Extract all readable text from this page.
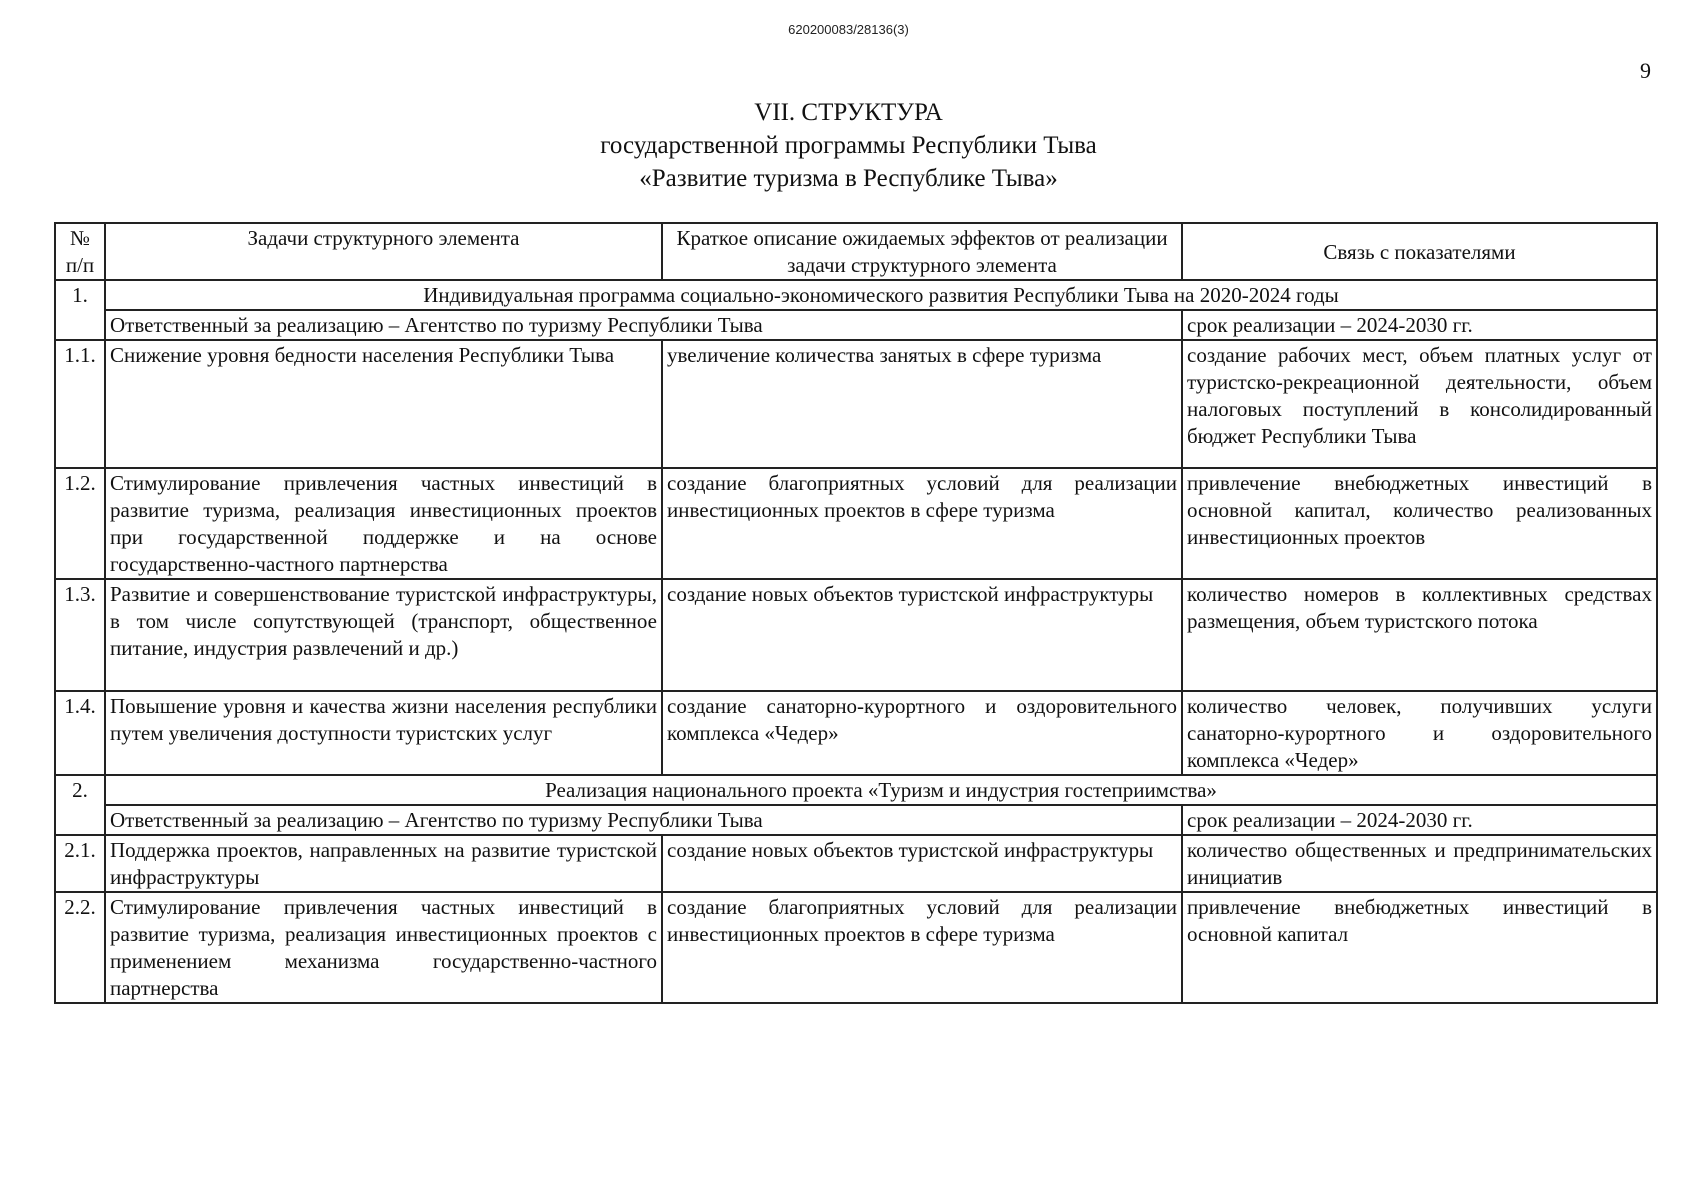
620200083/28136(3)
9
VII. СТРУКТУРА
государственной программы Республики Тыва
«Развитие туризма в Республике Тыва»
№ п/п	Задачи структурного элемента	Краткое описание ожидаемых эффектов от реализации задачи структурного элемента	Связь с показателями
1.	Индивидуальная программа социально-экономического развития Республики Тыва на 2020-2024 годы		
	Ответственный за реализацию – Агентство по туризму Республики Тыва		срок реализации – 2024-2030 гг.
1.1.	Снижение уровня бедности населения Республики Тыва	увеличение количества занятых в сфере туризма	создание рабочих мест, объем платных услуг от туристско-рекреационной деятельности, объем налоговых поступлений в консолидированный бюджет Республики Тыва
1.2.	Стимулирование привлечения частных инвестиций в развитие туризма, реализация инвестиционных проектов при государственной поддержке и на основе государственно-частного партнерства	создание благоприятных условий для реализации инвестиционных проектов в сфере туризма	привлечение внебюджетных инвестиций в основной капитал, количество реализованных инвестиционных проектов
1.3.	Развитие и совершенствование туристской инфраструктуры, в том числе сопутствующей (транспорт, общественное питание, индустрия развлечений и др.)	создание новых объектов туристской инфраструктуры	количество номеров в коллективных средствах размещения, объем туристского потока
1.4.	Повышение уровня и качества жизни населения республики путем увеличения доступности туристских услуг	создание санаторно-курортного и оздоровительного комплекса «Чедер»	количество человек, получивших услуги санаторно-курортного и оздоровительного комплекса «Чедер»
2.	Реализация национального проекта «Туризм и индустрия гостеприимства»		
	Ответственный за реализацию – Агентство по туризму Республики Тыва		срок реализации – 2024-2030 гг.
2.1.	Поддержка проектов, направленных на развитие туристской инфраструктуры	создание новых объектов туристской инфраструктуры	количество общественных и предпринимательских инициатив
2.2.	Стимулирование привлечения частных инвестиций в развитие туризма, реализация инвестиционных проектов с применением механизма государственно-частного партнерства	создание благоприятных условий для реализации инвестиционных проектов в сфере туризма	привлечение внебюджетных инвестиций в основной капитал
